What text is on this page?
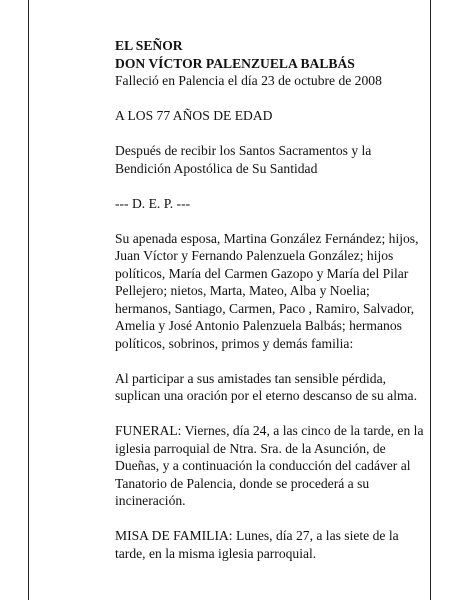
EL SEÑOR

DON VÍCTOR PALENZUELA BALBÁS

Falleció en Palencia el día 23 de octubre de 2008

A LOS 77 AÑOS DE EDAD

Después de recibir los Santos Sacramentos y la Bendición Apostólica de Su Santidad

--- D. E. P. ---

Su apenada esposa, Martina González Fernández; hijos, Juan Víctor y Fernando Palenzuela González; hijos políticos, María del Carmen Gazopo y María del Pilar Pellejero; nietos, Marta, Mateo, Alba y Noelia; hermanos, Santiago, Carmen, Paco , Ramiro, Salvador, Amelia y José Antonio Palenzuela Balbás; hermanos políticos, sobrinos, primos y demás familia:

Al participar a sus amistades tan sensible pérdida, suplican una oración por el eterno descanso de su alma.

FUNERAL: Viernes, día 24, a las cinco de la tarde, en la iglesia parroquial de Ntra. Sra. de la Asunción, de Dueñas, y a continuación la conducción del cadáver al Tanatorio de Palencia, donde se procederá a su incineración.

MISA DE FAMILIA: Lunes, día 27, a las siete de la tarde, en la misma iglesia parroquial.
